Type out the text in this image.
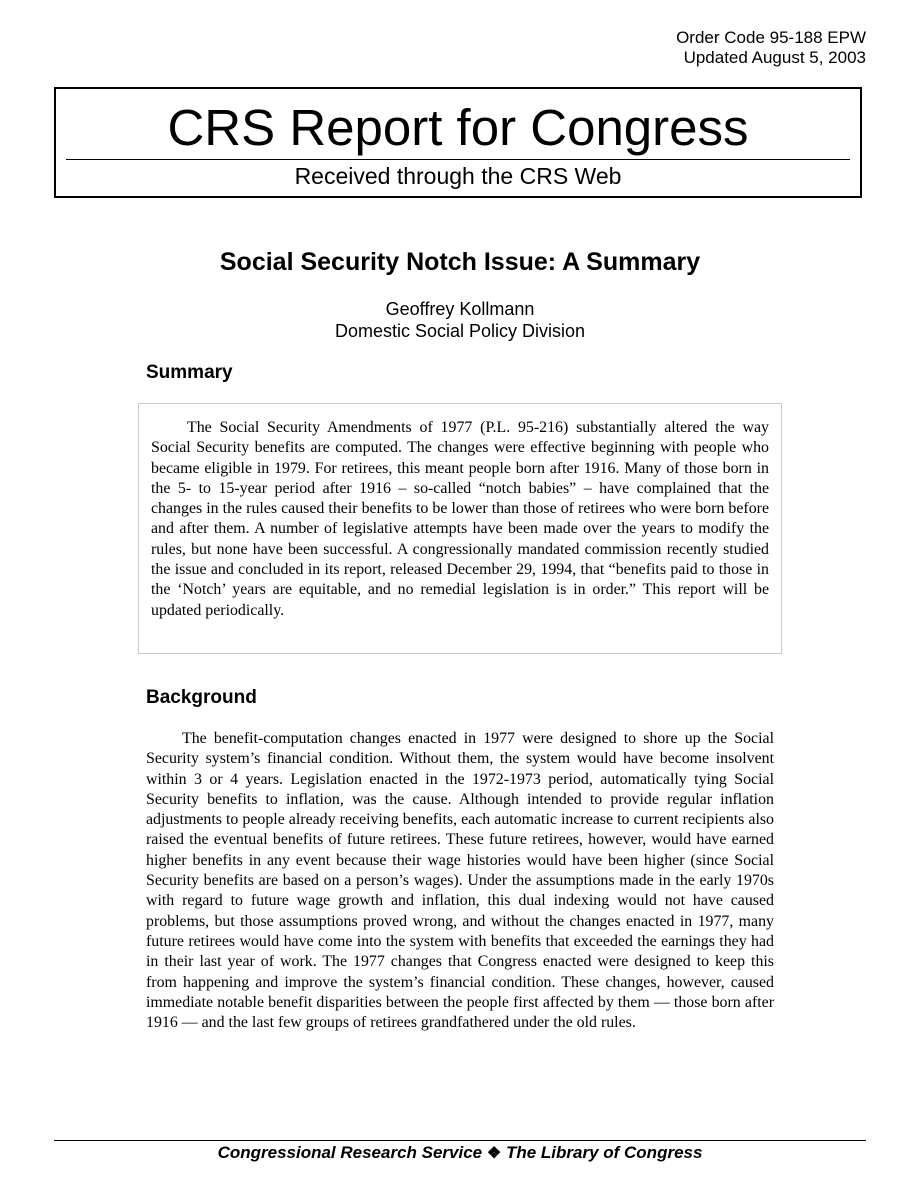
Order Code 95-188 EPW
Updated August 5, 2003
CRS Report for Congress
Received through the CRS Web
Social Security Notch Issue: A Summary
Geoffrey Kollmann
Domestic Social Policy Division
Summary

The Social Security Amendments of 1977 (P.L. 95-216) substantially altered the way Social Security benefits are computed. The changes were effective beginning with people who became eligible in 1979. For retirees, this meant people born after 1916. Many of those born in the 5- to 15-year period after 1916 – so-called “notch babies” – have complained that the changes in the rules caused their benefits to be lower than those of retirees who were born before and after them. A number of legislative attempts have been made over the years to modify the rules, but none have been successful. A congressionally mandated commission recently studied the issue and concluded in its report, released December 29, 1994, that “benefits paid to those in the ‘Notch’ years are equitable, and no remedial legislation is in order.” This report will be updated periodically.

Background

The benefit-computation changes enacted in 1977 were designed to shore up the Social Security system’s financial condition. Without them, the system would have become insolvent within 3 or 4 years. Legislation enacted in the 1972-1973 period, automatically tying Social Security benefits to inflation, was the cause. Although intended to provide regular inflation adjustments to people already receiving benefits, each automatic increase to current recipients also raised the eventual benefits of future retirees. These future retirees, however, would have earned higher benefits in any event because their wage histories would have been higher (since Social Security benefits are based on a person’s wages). Under the assumptions made in the early 1970s with regard to future wage growth and inflation, this dual indexing would not have caused problems, but those assumptions proved wrong, and without the changes enacted in 1977, many future retirees would have come into the system with benefits that exceeded the earnings they had in their last year of work. The 1977 changes that Congress enacted were designed to keep this from happening and improve the system’s financial condition. These changes, however, caused immediate notable benefit disparities between the people first affected by them — those born after 1916 — and the last few groups of retirees grandfathered under the old rules.

Congressional Research Service ❖ The Library of Congress
